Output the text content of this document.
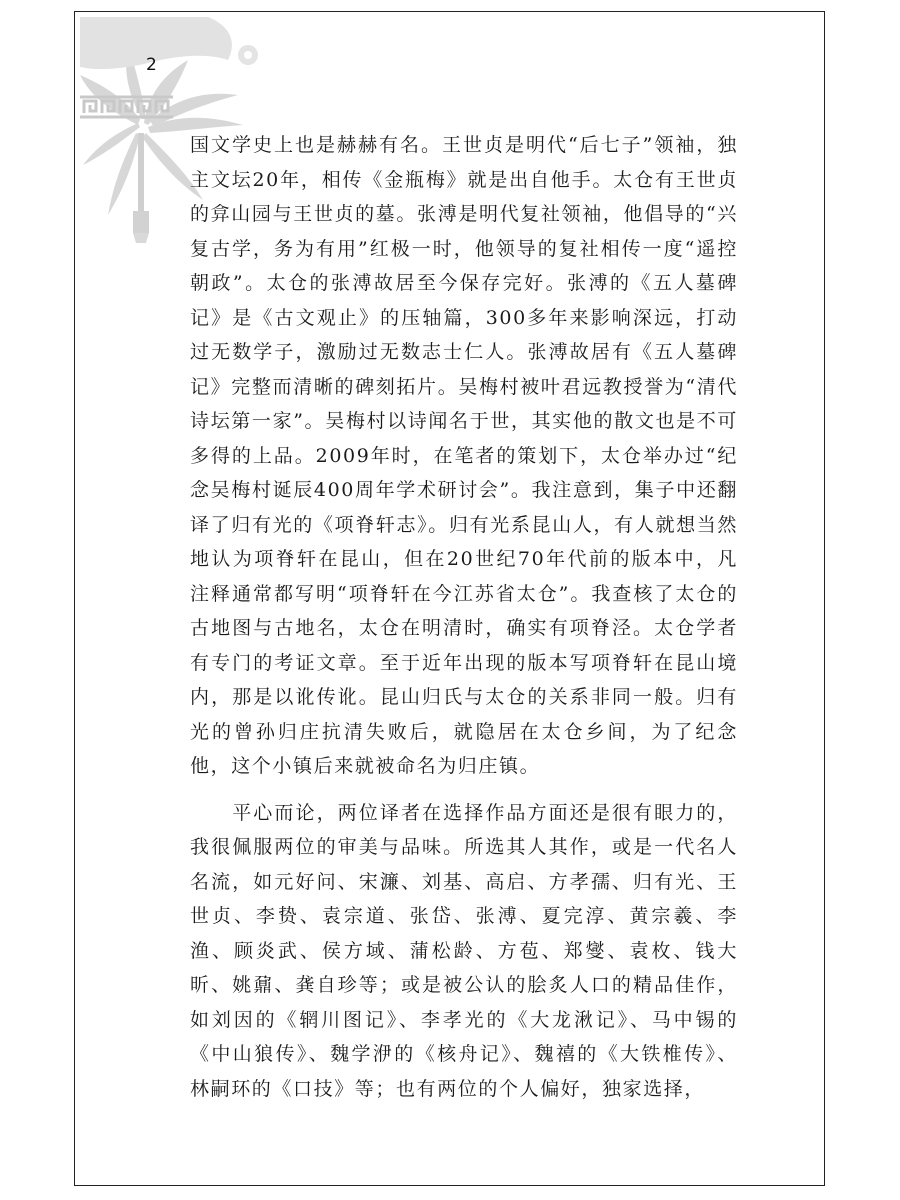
2

国文学史上也是赫赫有名。王世贞是明代“后七子”领袖，独主文坛20年，相传《金瓶梅》就是出自他手。太仓有王世贞的弇山园与王世贞的墓。张溥是明代复社领袖，他倡导的“兴复古学，务为有用”红极一时，他领导的复社相传一度“遥控朝政”。太仓的张溥故居至今保存完好。张溥的《五人墓碑记》是《古文观止》的压轴篇，300多年来影响深远，打动过无数学子，激励过无数志士仁人。张溥故居有《五人墓碑记》完整而清晰的碑刻拓片。吴梅村被叶君远教授誉为“清代诗坛第一家”。吴梅村以诗闻名于世，其实他的散文也是不可多得的上品。2009年时，在笔者的策划下，太仓举办过“纪念吴梅村诞辰400周年学术研讨会”。我注意到，集子中还翻译了归有光的《项脊轩志》。归有光系昆山人，有人就想当然地认为项脊轩在昆山，但在20世纪70年代前的版本中，凡注释通常都写明“项脊轩在今江苏省太仓”。我查核了太仓的古地图与古地名，太仓在明清时，确实有项脊泾。太仓学者有专门的考证文章。至于近年出现的版本写项脊轩在昆山境内，那是以讹传讹。昆山归氏与太仓的关系非同一般。归有光的曾孙归庄抗清失败后，就隐居在太仓乡间，为了纪念他，这个小镇后来就被命名为归庄镇。

　　平心而论，两位译者在选择作品方面还是很有眼力的，我很佩服两位的审美与品味。所选其人其作，或是一代名人名流，如元好问、宋濂、刘基、高启、方孝孺、归有光、王世贞、李贽、袁宗道、张岱、张溥、夏完淳、黄宗羲、李渔、顾炎武、侯方域、蒲松龄、方苞、郑燮、袁枚、钱大昕、姚鼐、龚自珍等；或是被公认的脍炙人口的精品佳作，如刘因的《辋川图记》、李孝光的《大龙湫记》、马中锡的《中山狼传》、魏学洢的《核舟记》、魏禧的《大铁椎传》、林嗣环的《口技》等；也有两位的个人偏好，独家选择，
